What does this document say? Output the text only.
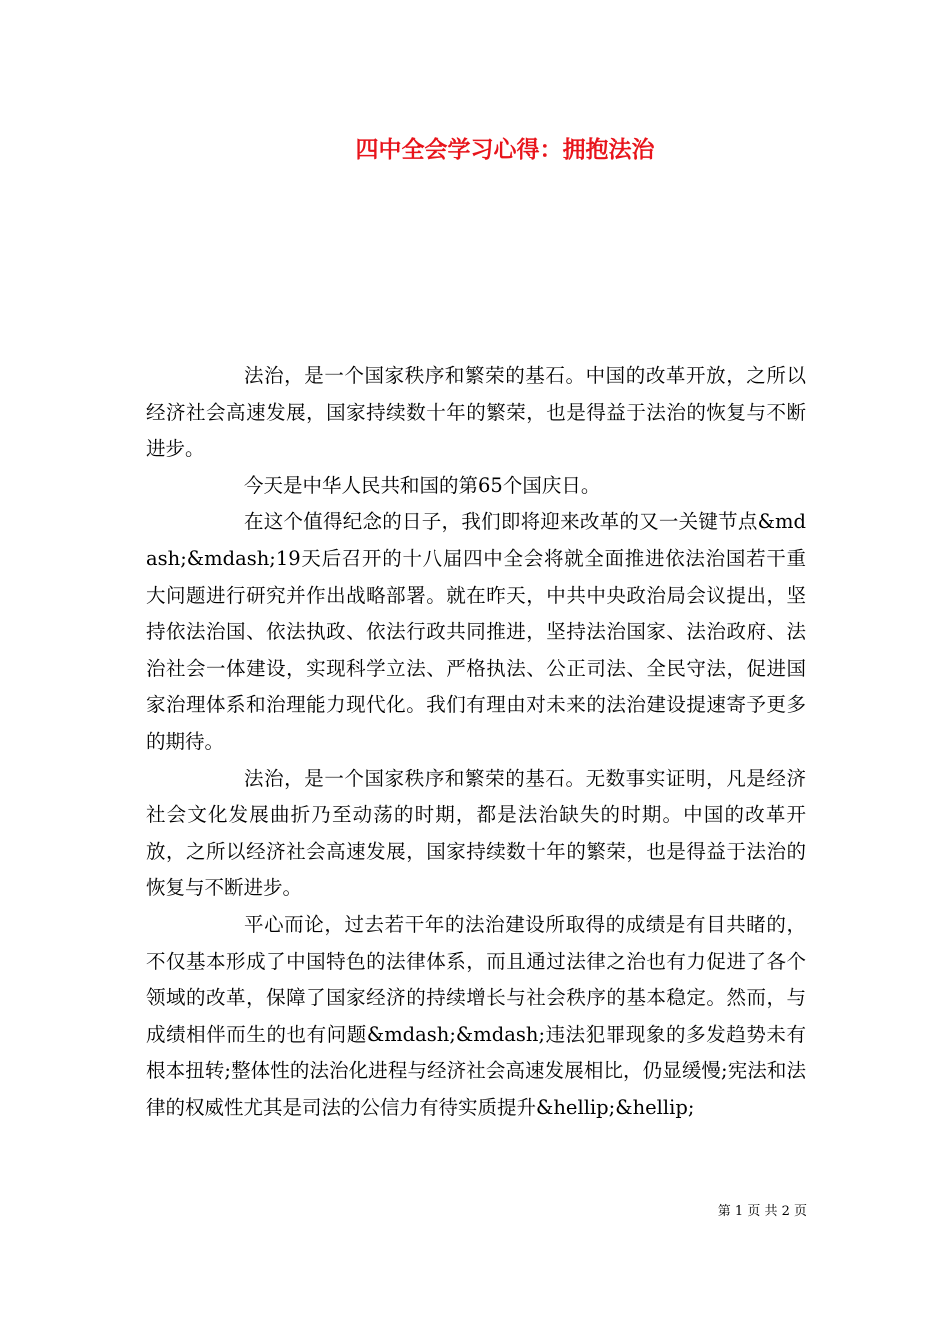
四中全会学习心得：拥抱法治

法治，是一个国家秩序和繁荣的基石。中国的改革开放，之所以经济社会高速发展，国家持续数十年的繁荣，也是得益于法治的恢复与不断进步。

今天是中华人民共和国的第65个国庆日。

在这个值得纪念的日子，我们即将迎来改革的又一关键节点&mdash;&mdash;19天后召开的十八届四中全会将就全面推进依法治国若干重大问题进行研究并作出战略部署。就在昨天，中共中央政治局会议提出，坚持依法治国、依法执政、依法行政共同推进，坚持法治国家、法治政府、法治社会一体建设，实现科学立法、严格执法、公正司法、全民守法，促进国家治理体系和治理能力现代化。我们有理由对未来的法治建设提速寄予更多的期待。

法治，是一个国家秩序和繁荣的基石。无数事实证明，凡是经济社会文化发展曲折乃至动荡的时期，都是法治缺失的时期。中国的改革开放，之所以经济社会高速发展，国家持续数十年的繁荣，也是得益于法治的恢复与不断进步。

平心而论，过去若干年的法治建设所取得的成绩是有目共睹的，不仅基本形成了中国特色的法律体系，而且通过法律之治也有力促进了各个领域的改革，保障了国家经济的持续增长与社会秩序的基本稳定。然而，与成绩相伴而生的也有问题&mdash;&mdash;违法犯罪现象的多发趋势未有根本扭转;整体性的法治化进程与经济社会高速发展相比，仍显缓慢;宪法和法律的权威性尤其是司法的公信力有待实质提升&hellip;&hellip;

第 1 页 共 2 页
